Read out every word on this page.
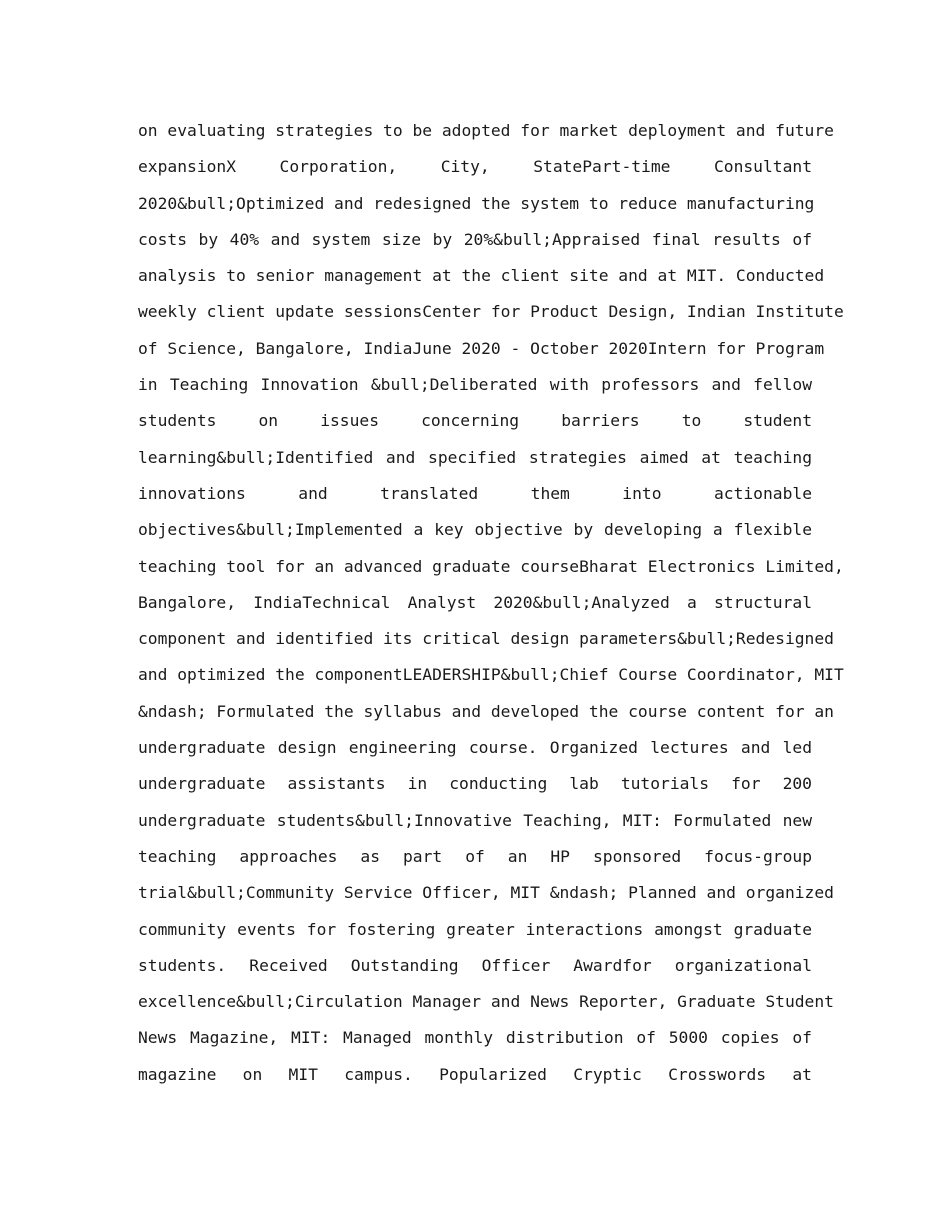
on evaluating strategies to be adopted for market deployment and future
expansionX Corporation, City, StatePart-time Consultant
2020&bull;Optimized and redesigned the system to reduce manufacturing
costs by 40% and system size by 20%&bull;Appraised final results of
analysis to senior management at the client site and at MIT. Conducted
weekly client update sessionsCenter for Product Design, Indian Institute
of Science, Bangalore, IndiaJune 2020 - October 2020Intern for Program
in Teaching Innovation &bull;Deliberated with professors and fellow
students on issues concerning barriers to student
learning&bull;Identified and specified strategies aimed at teaching
innovations and translated them into actionable
objectives&bull;Implemented a key objective by developing a flexible
teaching tool for an advanced graduate courseBharat Electronics Limited,
Bangalore, IndiaTechnical Analyst 2020&bull;Analyzed a structural
component and identified its critical design parameters&bull;Redesigned
and optimized the componentLEADERSHIP&bull;Chief Course Coordinator, MIT
&ndash; Formulated the syllabus and developed the course content for an
undergraduate design engineering course. Organized lectures and led
undergraduate assistants in conducting lab tutorials for 200
undergraduate students&bull;Innovative Teaching, MIT: Formulated new
teaching approaches as part of an HP sponsored focus-group
trial&bull;Community Service Officer, MIT &ndash; Planned and organized
community events for fostering greater interactions amongst graduate
students. Received Outstanding Officer Awardfor organizational
excellence&bull;Circulation Manager and News Reporter, Graduate Student
News Magazine, MIT: Managed monthly distribution of 5000 copies of
magazine on MIT campus. Popularized Cryptic Crosswords at
